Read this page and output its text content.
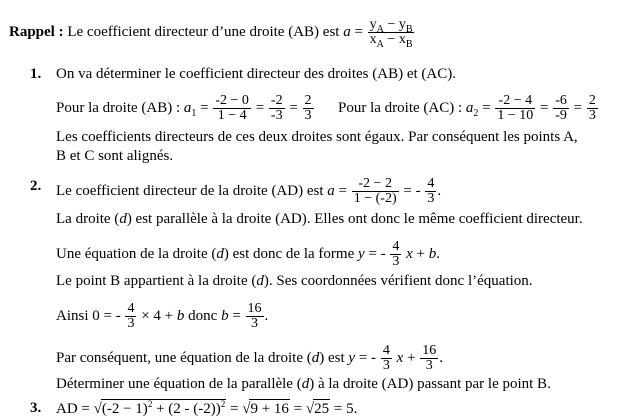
Rappel : Le coefficient directeur d’une droite (AB) est $a = \frac{y_A - y_B}{x_A - x_B}$
1. On va déterminer le coefficient directeur des droites (AB) et (AC).
Pour la droite (AB) : $a_1 = \frac{-2 - 0}{1 - 4} = \frac{-2}{-3} = \frac{2}{3}$ Pour la droite (AC) : $a_2 = \frac{-2 - 4}{1 - 10} = \frac{-6}{-9} = \frac{2}{3}$
Les coefficients directeurs de ces deux droites sont égaux. Par conséquent les points A,
B et C sont alignés.
2. Le coefficient directeur de la droite (AD) est $a = \frac{-2 - 2}{1 - (-2)}$ = - $\frac{4}{3}$ .
La droite (d) est parallèle à la droite (AD). Elles ont donc le même coefficient directeur.
Une équation de la droite (d) est donc de la forme y = - $\frac{4}{3}$ x + b.
Le point B appartient à la droite (d). Ses coordonnées vérifient donc l’équation.
Ainsi 0 = - $\frac{4}{3} \times 4 + b$ donc $b = \frac{16}{3}$ .
Par conséquent, une équation de la droite (d) est y = - $\frac{4}{3}$ $x + \frac{16}{3}$ .
Déterminer une équation de la parallèle (d) à la droite (AD) passant par le point B.
3. AD = $√(-2 - 1)^2 + (2 - (-2))^2 = √9 + 16 = √25 = 5$.
